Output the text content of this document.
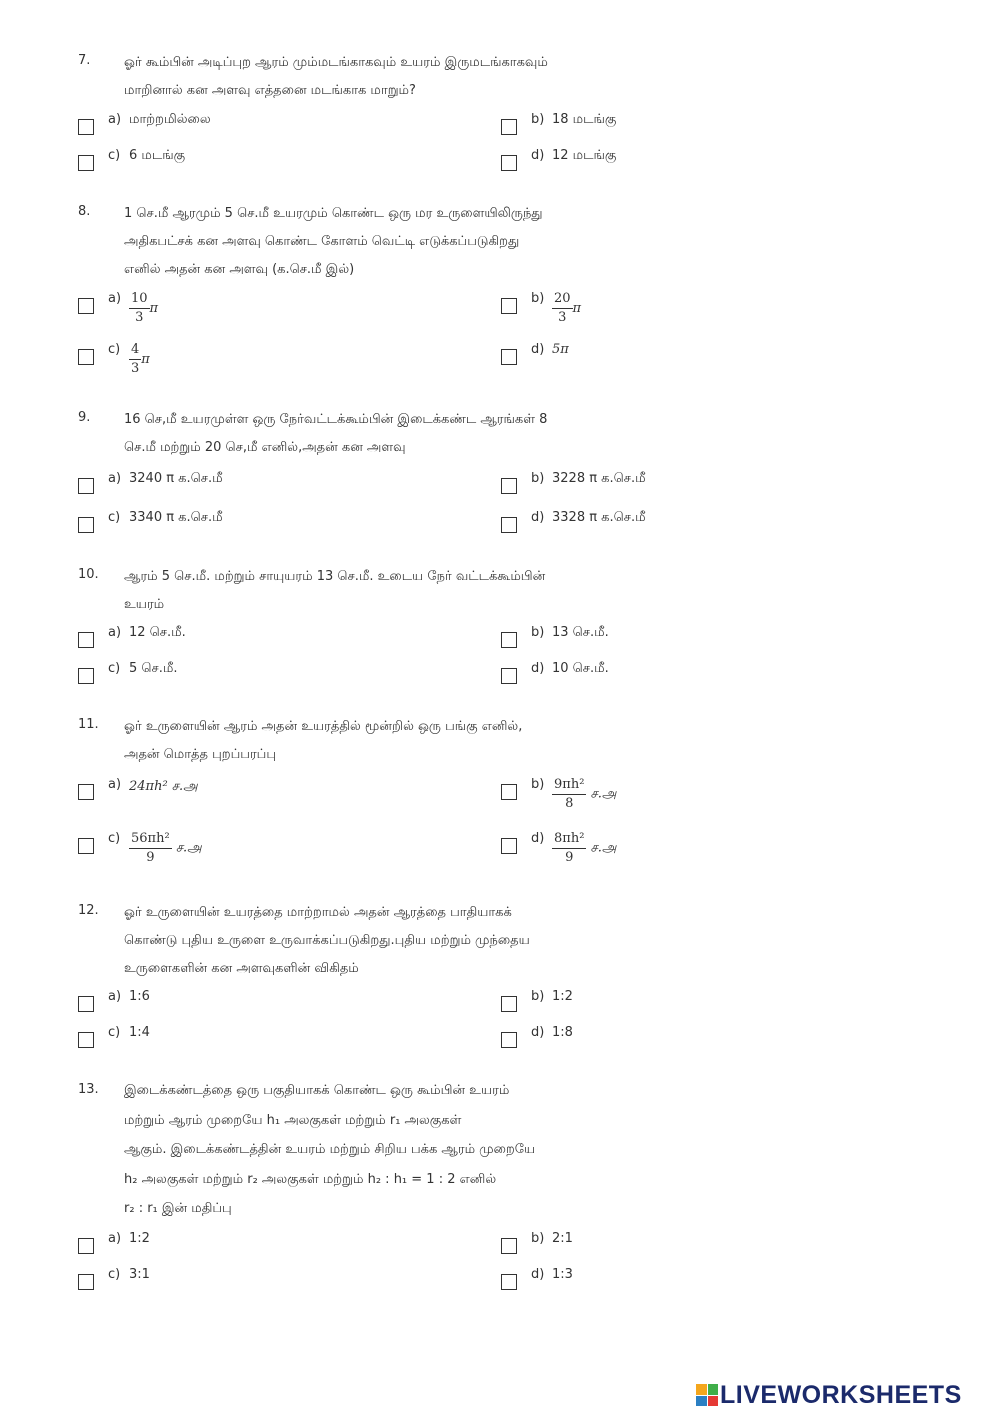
7.	ஓர் கூம்பின் அடிப்புற ஆரம் மும்மடங்காகவும் உயரம் இருமடங்காகவும்
மாறினால் கன அளவு எத்தனை மடங்காக மாறும்?
a) மாற்றமில்லை	b) 18 மடங்கு
c) 6 மடங்கு	d) 12 மடங்கு
8.	1 செ.மீ ஆரமும் 5 செ.மீ உயரமும் கொண்ட ஒரு மர உருளையிலிருந்து
அதிகபட்சக் கன அளவு கொண்ட கோளம் வெட்டி எடுக்கப்படுகிறது
எனில் அதன் கன அளவு (க.செ.மீ இல்)
$a) \frac{10}{3}$ π
$b) \frac{20}{3}$ π
$c) \frac{4}{3}$ π
d) 5π
9.	16 செ,மீ உயரமுள்ள ஒரு நேர்வட்டக்கூம்பின் இடைக்கண்ட ஆரங்கள் 8
செ.மீ மற்றும் 20 செ,மீ எனில்,அதன் கன அளவு
a) 3240 π க.செ.மீ	b) 3228 π க.செ.மீ
c) 3340 π க.செ.மீ	d) 3328 π க.செ.மீ
10. ஆரம் 5 செ.மீ. மற்றும் சாயுயரம் 13 செ.மீ. உடைய நேர் வட்டக்கூம்பின்
உயரம்
a) 12 செ.மீ.	b) 13 செ.மீ.
c) 5 செ.மீ.	d) 10 செ.மீ.
11. ஓர் உருளையின் ஆரம் அதன் உயரத்தில் மூன்றில் ஒரு பங்கு எனில்,
அதன் மொத்த புறப்பரப்பு
a) 24πh² ச.அ	$b) \frac{\text{9πh²}}{8}$ ச.அ
$c) \frac{\text{56πh²}}{9}$ ச.அ
$d) \frac{\text{8πh²}}{9}$ ச.அ
12. ஓர் உருளையின் உயரத்தை மாற்றாமல் அதன் ஆரத்தை பாதியாகக்
கொண்டு புதிய உருளை உருவாக்கப்படுகிறது.புதிய மற்றும் முந்தைய
உருளைகளின் கன அளவுகளின் விகிதம்
a) 1:6	b) 1:2
c) 1:4	d) 1:8
13. இடைக்கண்டத்தை ஒரு பகுதியாகக் கொண்ட ஒரு கூம்பின் உயரம்
மற்றும் ஆரம் முறையே h₁ அலகுகள் மற்றும் r₁ அலகுகள்
ஆகும். இடைக்கண்டத்தின் உயரம் மற்றும் சிறிய பக்க ஆரம் முறையே
h₂ அலகுகள் மற்றும் r₂ அலகுகள் மற்றும் h₂ : h₁ = 1 : 2 எனில்
r₂ : r₁ இன் மதிப்பு
a) 1:2	b) 2:1
c) 3:1	d) 1:3
LIVEWORKSHEETS
